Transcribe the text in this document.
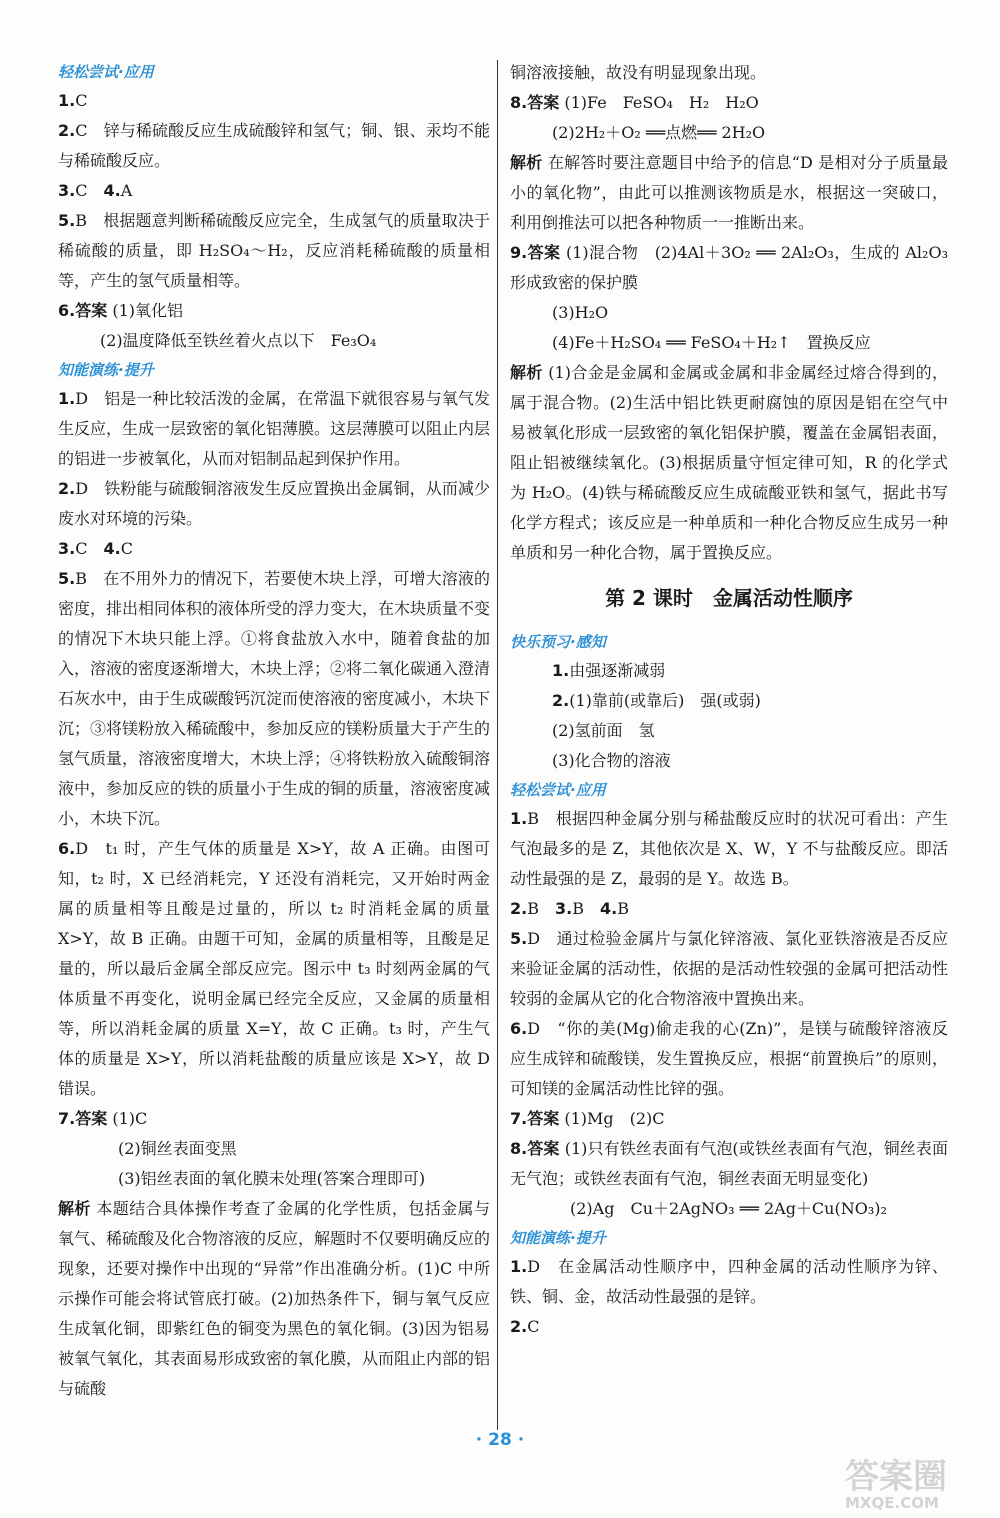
轻松尝试·应用
1.C
2.C　锌与稀硫酸反应生成硫酸锌和氢气；铜、银、汞均不能与稀硫酸反应。
3.C　4.A
5.B　根据题意判断稀硫酸反应完全，生成氢气的质量取决于稀硫酸的质量，即 H₂SO₄～H₂，反应消耗稀硫酸的质量相等，产生的氢气质量相等。
6.答案 (1)氧化铝
(2)温度降低至铁丝着火点以下　Fe₃O₄
知能演练·提升
1.D　铝是一种比较活泼的金属，在常温下就很容易与氧气发生反应，生成一层致密的氧化铝薄膜。这层薄膜可以阻止内层的铝进一步被氧化，从而对铝制品起到保护作用。
2.D　铁粉能与硫酸铜溶液发生反应置换出金属铜，从而减少废水对环境的污染。
3.C　4.C
5.B　在不用外力的情况下，若要使木块上浮，可增大溶液的密度，排出相同体积的液体所受的浮力变大，在木块质量不变的情况下木块只能上浮。①将食盐放入水中，随着食盐的加入，溶液的密度逐渐增大，木块上浮；②将二氧化碳通入澄清石灰水中，由于生成碳酸钙沉淀而使溶液的密度减小，木块下沉；③将镁粉放入稀硫酸中，参加反应的镁粉质量大于产生的氢气质量，溶液密度增大，木块上浮；④将铁粉放入硫酸铜溶液中，参加反应的铁的质量小于生成的铜的质量，溶液密度减小，木块下沉。
6.D　t₁ 时，产生气体的质量是 X>Y，故 A 正确。由图可知，t₂ 时，X 已经消耗完，Y 还没有消耗完，又开始时两金属的质量相等且酸是过量的，所以 t₂ 时消耗金属的质量 X>Y，故 B 正确。由题干可知，金属的质量相等，且酸是足量的，所以最后金属全部反应完。图示中 t₃ 时刻两金属的气体质量不再变化，说明金属已经完全反应，又金属的质量相等，所以消耗金属的质量 X=Y，故 C 正确。t₃ 时，产生气体的质量是 X>Y，所以消耗盐酸的质量应该是 X>Y，故 D 错误。
7.答案 (1)C
(2)铜丝表面变黑
(3)铝丝表面的氧化膜未处理(答案合理即可)
解析 本题结合具体操作考查了金属的化学性质，包括金属与氧气、稀硫酸及化合物溶液的反应，解题时不仅要明确反应的现象，还要对操作中出现的“异常”作出准确分析。(1)C 中所示操作可能会将试管底打破。(2)加热条件下，铜与氧气反应生成氧化铜，即紫红色的铜变为黑色的氧化铜。(3)因为铝易被氧气氧化，其表面易形成致密的氧化膜，从而阻止内部的铝与硫酸
铜溶液接触，故没有明显现象出现。
8.答案 (1)Fe　FeSO₄　H₂　H₂O
(2)2H₂＋O₂ ══点燃══ 2H₂O
解析 在解答时要注意题目中给予的信息“D 是相对分子质量最小的氧化物”，由此可以推测该物质是水，根据这一突破口，利用倒推法可以把各种物质一一推断出来。
9.答案 (1)混合物　(2)4Al＋3O₂ ══ 2Al₂O₃，生成的 Al₂O₃ 形成致密的保护膜
(3)H₂O
(4)Fe＋H₂SO₄ ══ FeSO₄＋H₂↑　置换反应
解析 (1)合金是金属和金属或金属和非金属经过熔合得到的，属于混合物。(2)生活中铝比铁更耐腐蚀的原因是铝在空气中易被氧化形成一层致密的氧化铝保护膜，覆盖在金属铝表面，阻止铝被继续氧化。(3)根据质量守恒定律可知，R 的化学式为 H₂O。(4)铁与稀硫酸反应生成硫酸亚铁和氢气，据此书写化学方程式；该反应是一种单质和一种化合物反应生成另一种单质和另一种化合物，属于置换反应。
第 2 课时　金属活动性顺序
快乐预习·感知
1.由强逐渐减弱
2.(1)靠前(或靠后)　强(或弱)
(2)氢前面　氢
(3)化合物的溶液
轻松尝试·应用
1.B　根据四种金属分别与稀盐酸反应时的状况可看出：产生气泡最多的是 Z，其他依次是 X、W，Y 不与盐酸反应。即活动性最强的是 Z，最弱的是 Y。故选 B。
2.B　3.B　4.B
5.D　通过检验金属片与氯化锌溶液、氯化亚铁溶液是否反应来验证金属的活动性，依据的是活动性较强的金属可把活动性较弱的金属从它的化合物溶液中置换出来。
6.D　“你的美(Mg)偷走我的心(Zn)”，是镁与硫酸锌溶液反应生成锌和硫酸镁，发生置换反应，根据“前置换后”的原则，可知镁的金属活动性比锌的强。
7.答案 (1)Mg　(2)C
8.答案 (1)只有铁丝表面有气泡(或铁丝表面有气泡，铜丝表面无气泡；或铁丝表面有气泡，铜丝表面无明显变化)
(2)Ag　Cu＋2AgNO₃ ══ 2Ag＋Cu(NO₃)₂
知能演练·提升
1.D　在金属活动性顺序中，四种金属的活动性顺序为锌、铁、铜、金，故活动性最强的是锌。
2.C
· 28 ·
答案圈
MXQE.COM
